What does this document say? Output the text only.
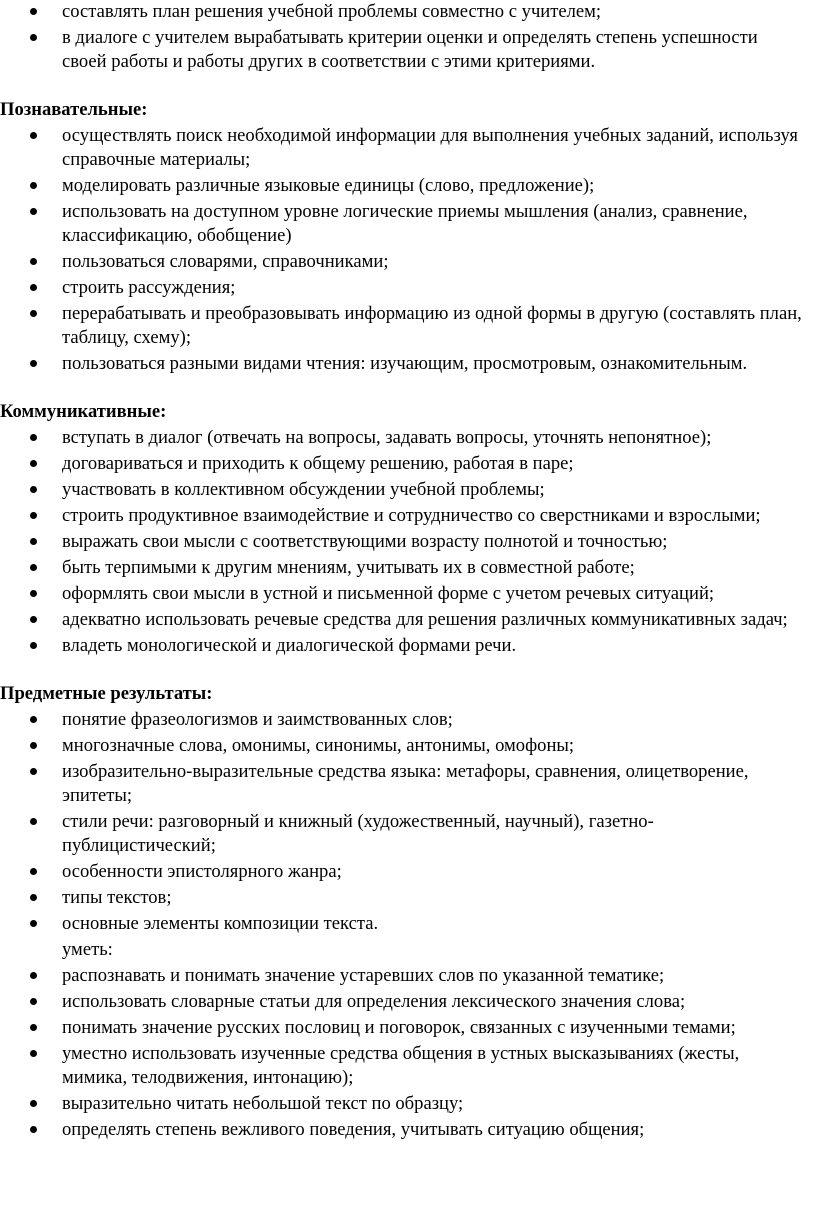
составлять план решения учебной проблемы совместно с учителем;
в диалоге с учителем вырабатывать критерии оценки и определять степень успешности своей работы и работы других в соответствии с этими критериями.
Познавательные:
осуществлять поиск необходимой информации для выполнения учебных заданий, используя справочные материалы;
моделировать различные языковые единицы (слово, предложение);
использовать на доступном уровне логические приемы мышления (анализ, сравнение, классификацию, обобщение)
пользоваться словарями, справочниками;
строить рассуждения;
перерабатывать и преобразовывать информацию из одной формы в другую (составлять план, таблицу, схему);
пользоваться разными видами чтения: изучающим, просмотровым, ознакомительным.
Коммуникативные:
вступать в диалог (отвечать на вопросы, задавать вопросы, уточнять непонятное);
договариваться и приходить к общему решению, работая в паре;
участвовать в коллективном обсуждении учебной проблемы;
строить продуктивное взаимодействие и сотрудничество со сверстниками и взрослыми;
выражать свои мысли с соответствующими возрасту полнотой и точностью;
быть терпимыми к другим мнениям, учитывать их в совместной работе;
оформлять свои мысли в устной и письменной форме с учетом речевых ситуаций;
адекватно использовать речевые средства для решения различных коммуникативных задач;
владеть монологической и диалогической формами речи.
Предметные результаты:
понятие фразеологизмов и заимствованных слов;
многозначные слова, омонимы, синонимы, антонимы, омофоны;
изобразительно-выразительные средства языка: метафоры, сравнения, олицетворение, эпитеты;
стили речи: разговорный и книжный (художественный, научный), газетно-публицистический;
особенности эпистолярного жанра;
типы текстов;
основные элементы композиции текста.
уметь:
распознавать и понимать значение устаревших слов по указанной тематике;
использовать словарные статьи для определения лексического значения слова;
понимать значение русских пословиц и поговорок, связанных с изученными темами;
уместно использовать изученные средства общения в устных высказываниях (жесты, мимика, телодвижения, интонацию);
выразительно читать небольшой текст по образцу;
определять степень вежливого поведения, учитывать ситуацию общения;
